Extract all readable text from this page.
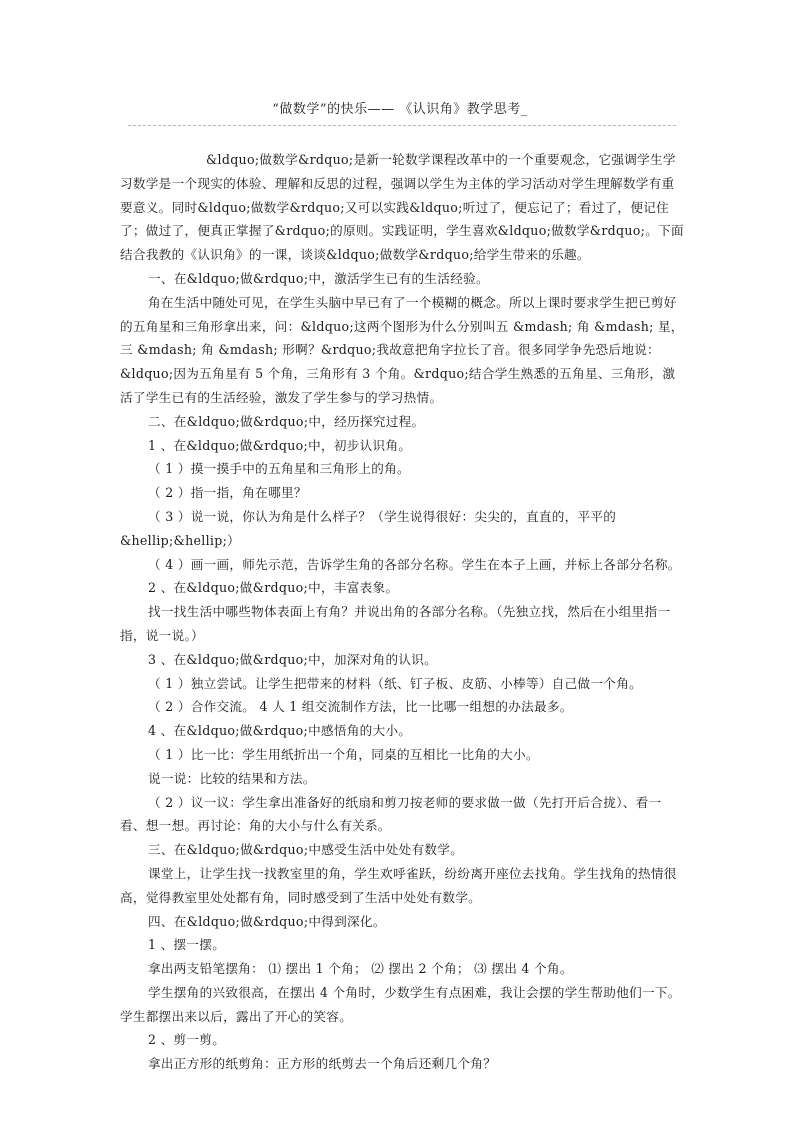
“做数学”的快乐—— 《认识角》教学思考_

&ldquo;做数学&rdquo;是新一轮数学课程改革中的一个重要观念，它强调学生学习数学是一个现实的体验、理解和反思的过程，强调以学生为主体的学习活动对学生理解数学有重要意义。同时&ldquo;做数学&rdquo;又可以实践&ldquo;听过了，便忘记了；看过了，便记住了；做过了，便真正掌握了&rdquo;的原则。实践证明，学生喜欢&ldquo;做数学&rdquo;。下面结合我教的《认识角》的一课，谈谈&ldquo;做数学&rdquo;给学生带来的乐趣。

一、在&ldquo;做&rdquo;中，激活学生已有的生活经验。

角在生活中随处可见，在学生头脑中早已有了一个模糊的概念。所以上课时要求学生把已剪好的五角星和三角形拿出来，问：&ldquo;这两个图形为什么分别叫五 &mdash; 角 &mdash; 星，三 &mdash; 角 &mdash; 形啊？&rdquo;我故意把角字拉长了音。很多同学争先恐后地说：&ldquo;因为五角星有 5 个角，三角形有 3 个角。&rdquo;结合学生熟悉的五角星、三角形，激活了学生已有的生活经验，激发了学生参与的学习热情。

二、在&ldquo;做&rdquo;中，经历探究过程。

1 、在&ldquo;做&rdquo;中，初步认识角。

（ 1 ）摸一摸手中的五角星和三角形上的角。

（ 2 ）指一指，角在哪里？

（ 3 ）说一说，你认为角是什么样子？（学生说得很好：尖尖的，直直的，平平的&hellip;&hellip;）

（ 4 ）画一画，师先示范，告诉学生角的各部分名称。学生在本子上画，并标上各部分名称。

2 、在&ldquo;做&rdquo;中，丰富表象。

找一找生活中哪些物体表面上有角？并说出角的各部分名称。（先独立找，然后在小组里指一指，说一说。）

3 、在&ldquo;做&rdquo;中，加深对角的认识。

（ 1 ）独立尝试。让学生把带来的材料（纸、钉子板、皮筋、小棒等）自己做一个角。

（ 2 ）合作交流。 4 人 1 组交流制作方法，比一比哪一组想的办法最多。

4 、在&ldquo;做&rdquo;中感悟角的大小。

（ 1 ）比一比：学生用纸折出一个角，同桌的互相比一比角的大小。

说一说：比较的结果和方法。

（ 2 ）议一议：学生拿出准备好的纸扇和剪刀按老师的要求做一做（先打开后合拢）、看一看、想一想。再讨论：角的大小与什么有关系。

三、在&ldquo;做&rdquo;中感受生活中处处有数学。

课堂上，让学生找一找教室里的角，学生欢呼雀跃，纷纷离开座位去找角。学生找角的热情很高，觉得教室里处处都有角，同时感受到了生活中处处有数学。

四、在&ldquo;做&rdquo;中得到深化。

1 、摆一摆。

拿出两支铅笔摆角： ⑴ 摆出 1 个角； ⑵ 摆出 2 个角； ⑶ 摆出 4 个角。

学生摆角的兴致很高，在摆出 4 个角时，少数学生有点困难，我让会摆的学生帮助他们一下。学生都摆出来以后，露出了开心的笑容。

2 、剪一剪。

拿出正方形的纸剪角：正方形的纸剪去一个角后还剩几个角？
